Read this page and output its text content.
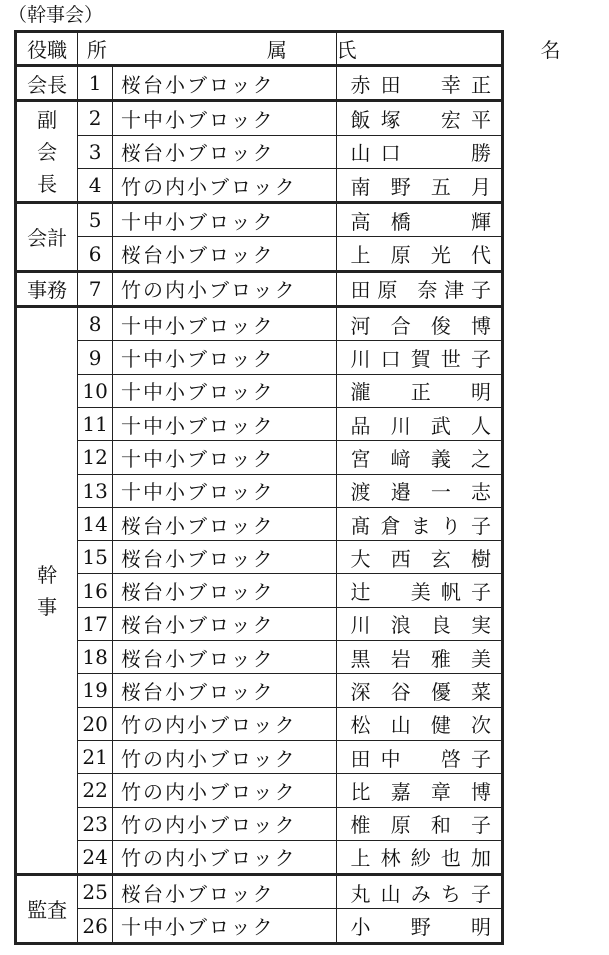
（幹事会）
役職	所　　属		氏　　名
会長	1	桜台小ブロック	赤田　幸正

副
会
長	2	十中小ブロック	飯塚　宏平
	3	桜台小ブロック	山口　　勝
	4	竹の内小ブロック	南野五月
会計	5	十中小ブロック	高橋　輝
	6	桜台小ブロック	上原光代
事務	7	竹の内小ブロック	田原 奈津子

幹
事	8	十中小ブロック	河合俊博
	9	十中小ブロック	川口賀世子
	10	十中小ブロック	瀧　正　明
	11	十中小ブロック	品川武人
	12	十中小ブロック	宮﨑義之
	13	十中小ブロック	渡邉一志
	14	桜台小ブロック	髙倉まり子
	15	桜台小ブロック	大西玄樹
	16	桜台小ブロック	辻　美帆子
	17	桜台小ブロック	川浪良実
	18	桜台小ブロック	黒岩雅美
	19	桜台小ブロック	深谷優菜
	20	竹の内小ブロック	松山健次
	21	竹の内小ブロック	田中　啓子
	22	竹の内小ブロック	比嘉章博
	23	竹の内小ブロック	椎原和子
	24	竹の内小ブロック	上林紗也加
監査	25	桜台小ブロック	丸山みち子
	26	十中小ブロック	小　野　明
